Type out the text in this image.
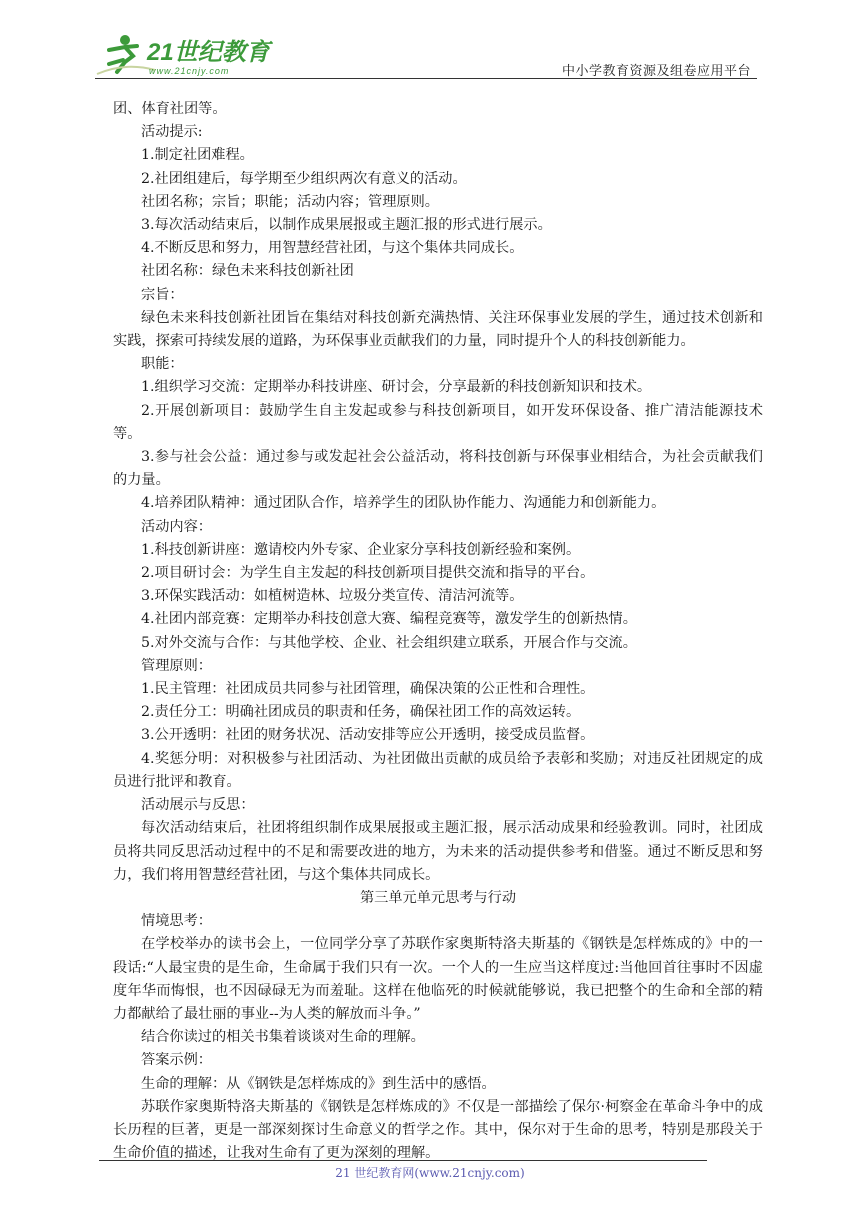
21世纪教育
www.21cnjy.com	中小学教育资源及组卷应用平台

团、体育社团等。

活动提示:

1.制定社团难程。

2.社团组建后，每学期至少组织两次有意义的活动。

社团名称；宗旨；职能；活动内容；管理原则。

3.每次活动结束后，以制作成果展报或主题汇报的形式进行展示。

4.不断反思和努力，用智慧经营社团，与这个集体共同成长。

社团名称：绿色未来科技创新社团

宗旨：

绿色未来科技创新社团旨在集结对科技创新充满热情、关注环保事业发展的学生，通过技术创新和实践，探索可持续发展的道路，为环保事业贡献我们的力量，同时提升个人的科技创新能力。

职能：

1.组织学习交流：定期举办科技讲座、研讨会，分享最新的科技创新知识和技术。

2.开展创新项目：鼓励学生自主发起或参与科技创新项目，如开发环保设备、推广清洁能源技术等。

3.参与社会公益：通过参与或发起社会公益活动，将科技创新与环保事业相结合，为社会贡献我们的力量。

4.培养团队精神：通过团队合作，培养学生的团队协作能力、沟通能力和创新能力。

活动内容：

1.科技创新讲座：邀请校内外专家、企业家分享科技创新经验和案例。

2.项目研讨会：为学生自主发起的科技创新项目提供交流和指导的平台。

3.环保实践活动：如植树造林、垃圾分类宣传、清洁河流等。

4.社团内部竞赛：定期举办科技创意大赛、编程竞赛等，激发学生的创新热情。

5.对外交流与合作：与其他学校、企业、社会组织建立联系，开展合作与交流。

管理原则：

1.民主管理：社团成员共同参与社团管理，确保决策的公正性和合理性。

2.责任分工：明确社团成员的职责和任务，确保社团工作的高效运转。

3.公开透明：社团的财务状况、活动安排等应公开透明，接受成员监督。

4.奖惩分明：对积极参与社团活动、为社团做出贡献的成员给予表彰和奖励；对违反社团规定的成员进行批评和教育。

活动展示与反思：

每次活动结束后，社团将组织制作成果展报或主题汇报，展示活动成果和经验教训。同时，社团成员将共同反思活动过程中的不足和需要改进的地方，为未来的活动提供参考和借鉴。通过不断反思和努力，我们将用智慧经营社团，与这个集体共同成长。

第三单元单元思考与行动

情境思考：

在学校举办的读书会上，一位同学分享了苏联作家奥斯特洛夫斯基的《钢铁是怎样炼成的》中的一段话:“人最宝贵的是生命，生命属于我们只有一次。一个人的一生应当这样度过:当他回首往事时不因虚度年华而悔恨，也不因碌碌无为而羞耻。这样在他临死的时候就能够说，我已把整个的生命和全部的精力都献给了最壮丽的事业--为人类的解放而斗争。”

结合你读过的相关书集着谈谈对生命的理解。

答案示例：

生命的理解：从《钢铁是怎样炼成的》到生活中的感悟。

苏联作家奥斯特洛夫斯基的《钢铁是怎样炼成的》不仅是一部描绘了保尔·柯察金在革命斗争中的成长历程的巨著，更是一部深刻探讨生命意义的哲学之作。其中，保尔对于生命的思考，特别是那段关于生命价值的描述，让我对生命有了更为深刻的理解。

21 世纪教育网(www.21cnjy.com)
